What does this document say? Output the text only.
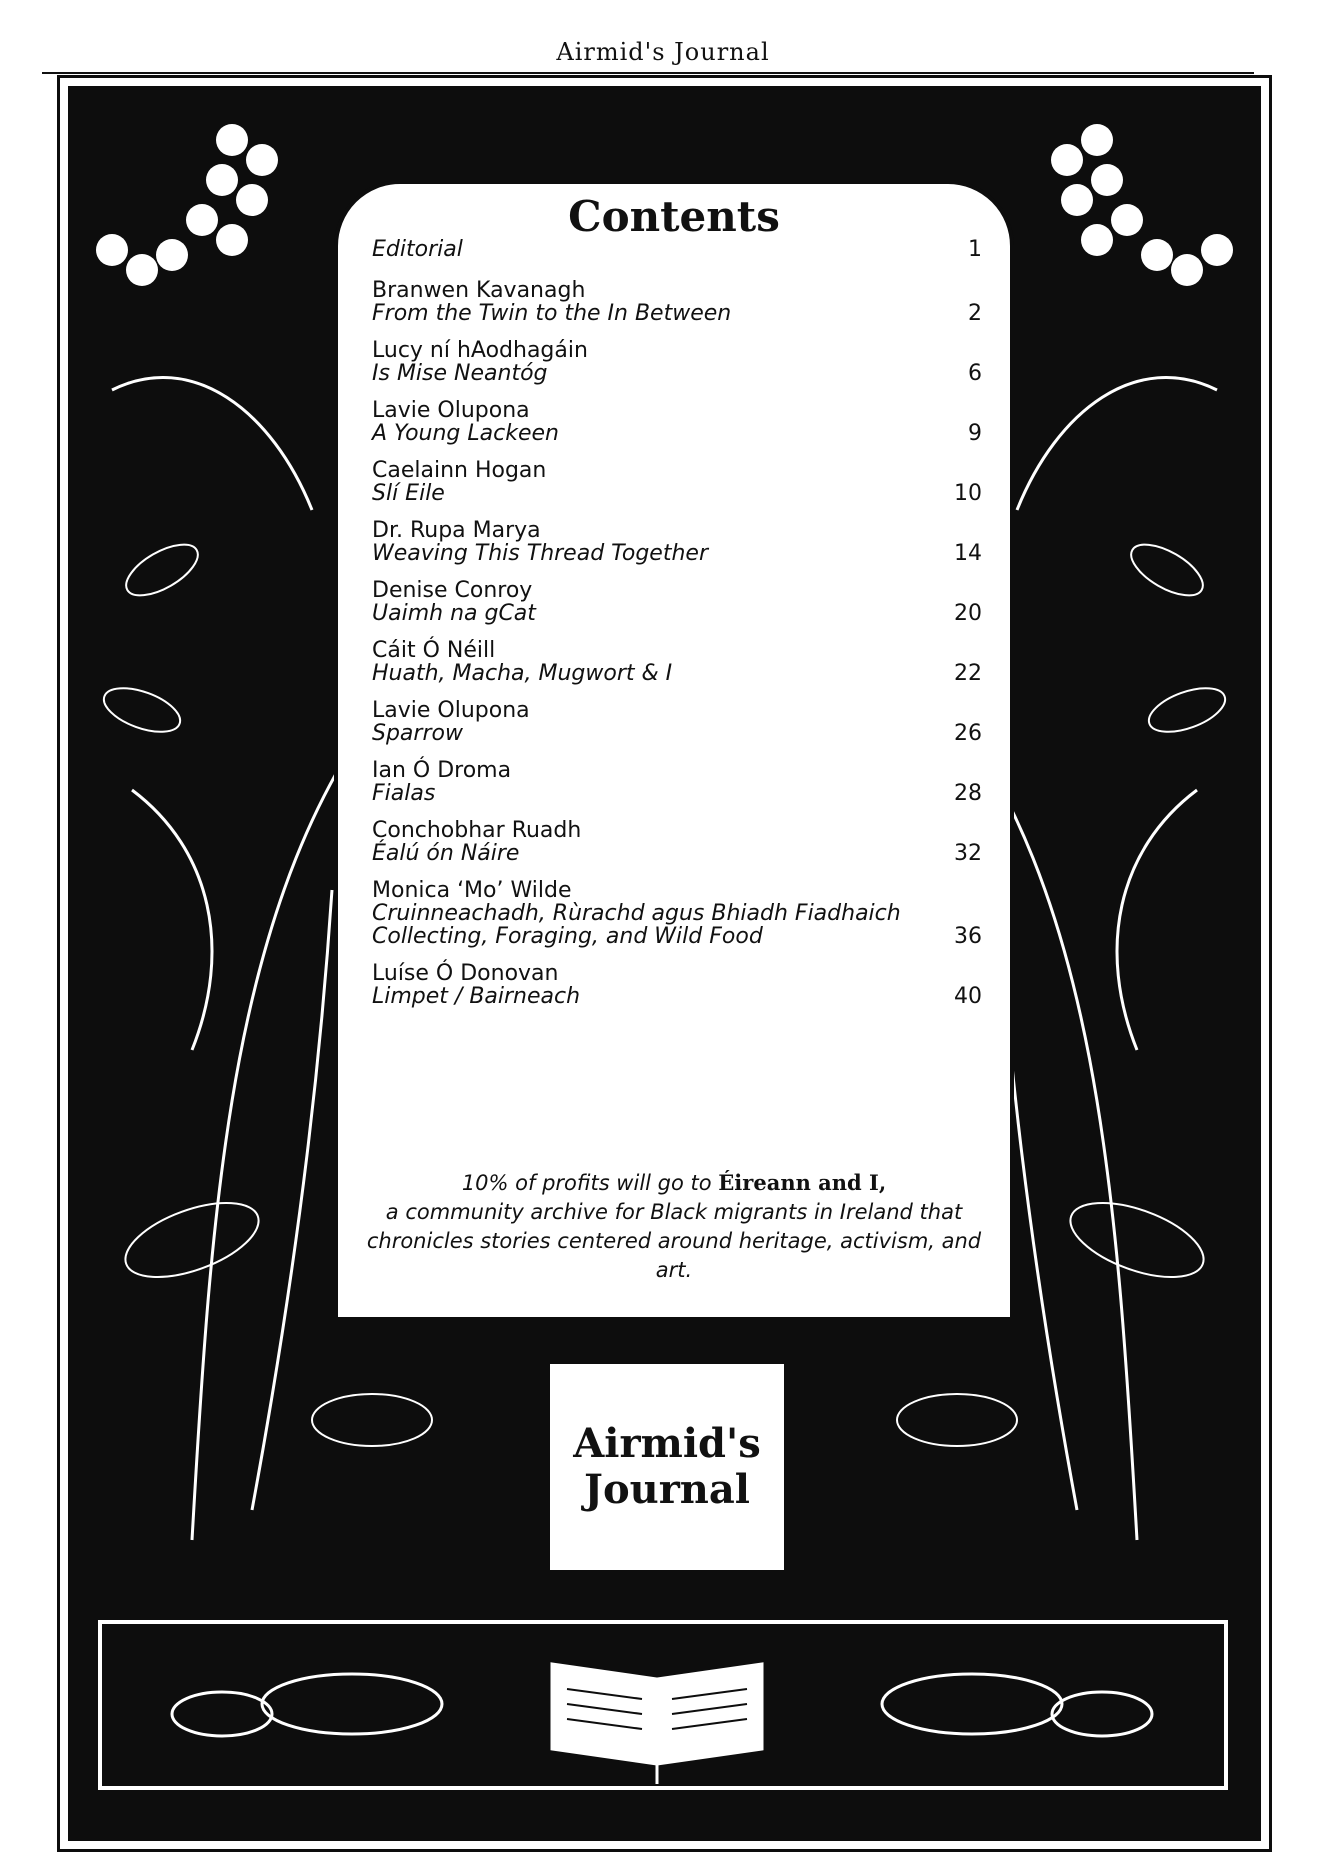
Airmid's Journal
Contents
Editorial	1
Branwen Kavanagh
From the Twin to the In Between	2
Lucy ní hAodhagáin
Is Mise Neantóg	6
Lavie Olupona
A Young Lackeen	9
Caelainn Hogan
Slí Eile	10
Dr. Rupa Marya
Weaving This Thread Together	14
Denise Conroy
Uaimh na gCat	20
Cáit Ó Néill
Huath, Macha, Mugwort & I	22
Lavie Olupona
Sparrow	26
Ian Ó Droma
Fialas	28
Conchobhar Ruadh
Éalú ón Náire	32
Monica ‘Mo’ Wilde
Cruinneachadh, Rùrachd agus Bhiadh Fiadhaich
Collecting, Foraging, and Wild Food	36
Luíse Ó Donovan
Limpet / Bairneach	40
10% of profits will go to Éireann and I,
a community archive for Black migrants in Ireland that
chronicles stories centered around heritage, activism, and art.
Airmid's
Journal
